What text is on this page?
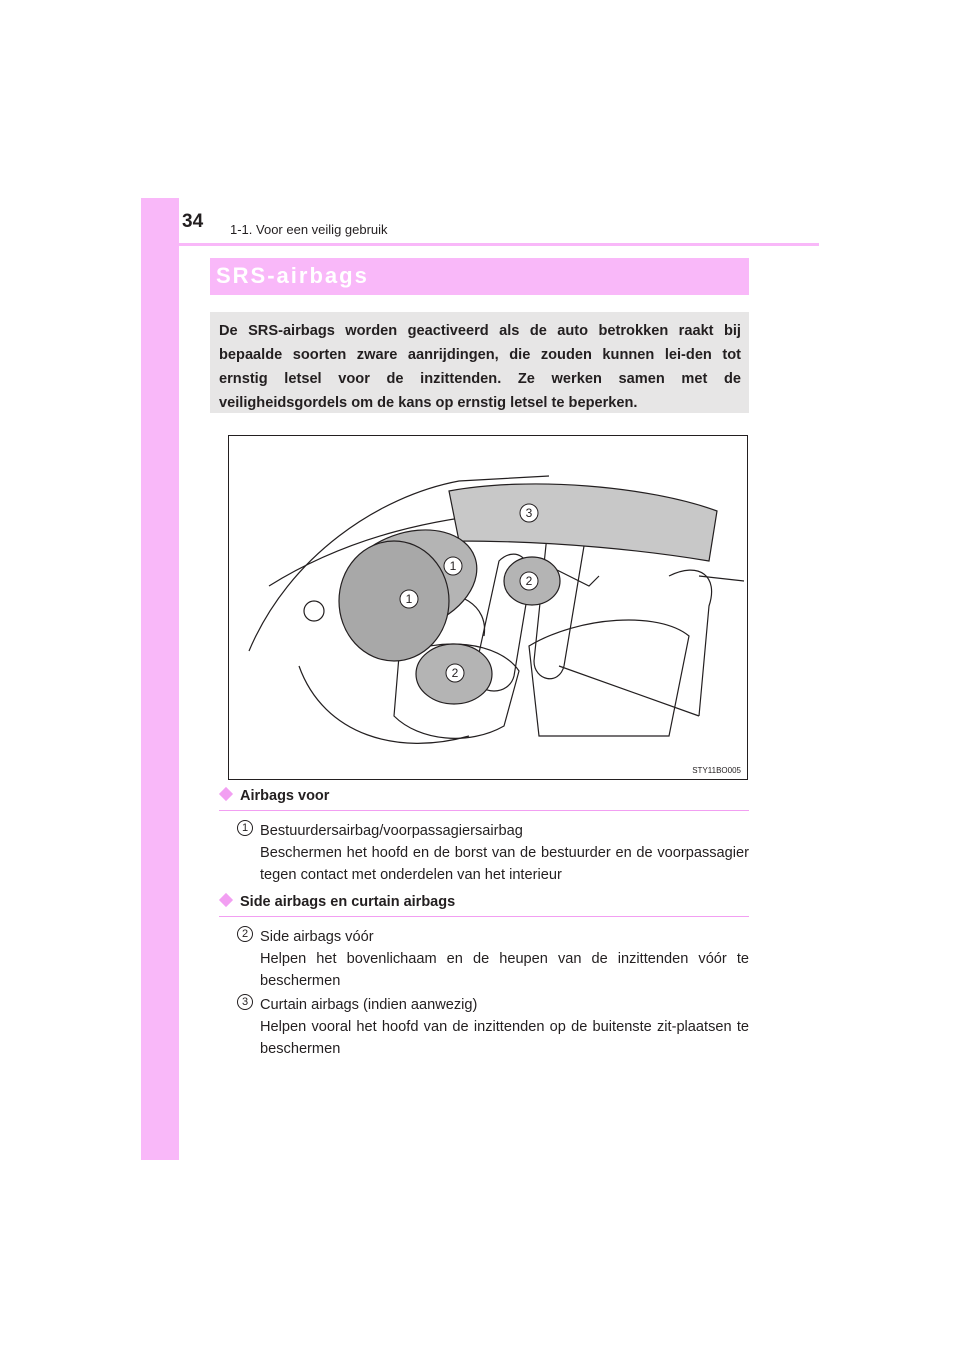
34 1-1. Voor een veilig gebruik
SRS-airbags
De SRS-airbags worden geactiveerd als de auto betrokken raakt bij bepaalde soorten zware aanrijdingen, die zouden kunnen lei-den tot ernstig letsel voor de inzittenden. Ze werken samen met de veiligheidsgordels om de kans op ernstig letsel te beperken.
1
1
2
2
3
STY11BO005
Airbags voor
1 Bestuurdersairbag/voorpassagiersairbag
Beschermen het hoofd en de borst van de bestuurder en de voorpassagier tegen contact met onderdelen van het interieur
Side airbags en curtain airbags
2 Side airbags vóór
Helpen het bovenlichaam en de heupen van de inzittenden vóór te beschermen
3 Curtain airbags (indien aanwezig)
Helpen vooral het hoofd van de inzittenden op de buitenste zit-plaatsen te beschermen
